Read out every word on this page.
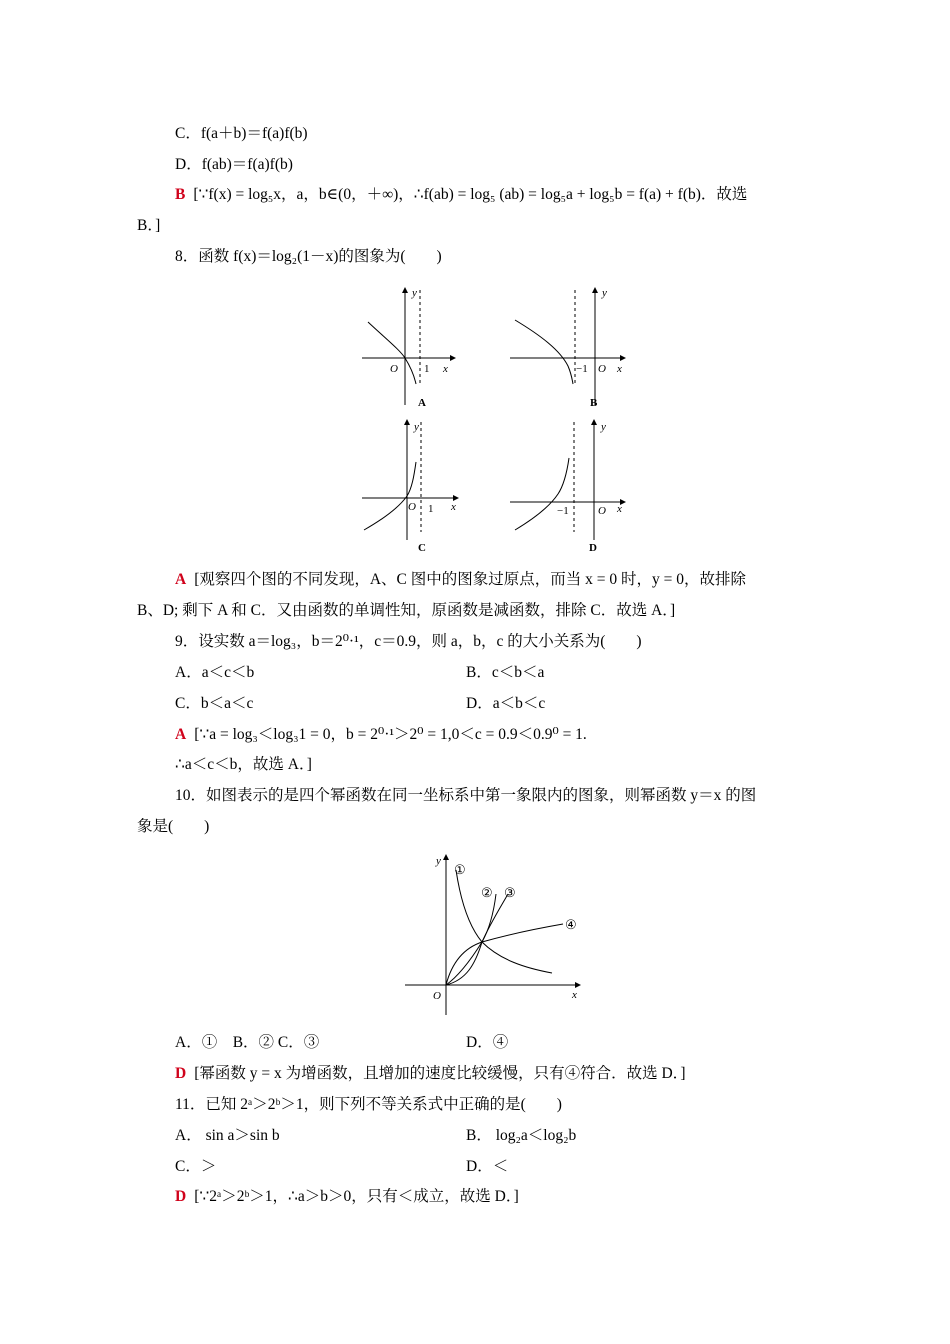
C．f(a＋b)＝f(a)f(b)
D．f(ab)＝f(a)f(b)
B [∵f(x) = log₅x，a，b∈(0，＋∞)，∴f(ab) = log₅ (ab) = log₅a + log₅b = f(a) + f(b)．故选
B．]
8．函数 f(x)＝log₂(1－x)的图象为(　　)
y
x
O 1
A
y
x
O
−1
B
y
x
O 1
C
y
x
O
−1
D
A [观察四个图的不同发现，A、C 图中的图象过原点，而当 x = 0 时，y = 0，故排除
B、D; 剩下 A 和 C．又由函数的单调性知，原函数是减函数，排除 C．故选 A．]
9．设实数 a＝log₃，b＝2⁰·¹，c＝0.9，则 a，b，c 的大小关系为(　　)
A．a＜c＜b	B．c＜b＜a
C．b＜a＜c	D．a＜b＜c
A [∵a = log₃＜log₃1 = 0，b = 2⁰·¹＞2⁰ = 1,0＜c = 0.9＜0.9⁰ = 1.
∴a＜c＜b，故选 A．]
10．如图表示的是四个幂函数在同一坐标系中第一象限内的图象，则幂函数 y＝x 的图
象是(　　)
y
x
O
①
② ③
④
A．①　B．② C．③	D．④
D [幂函数 y = x 为增函数，且增加的速度比较缓慢，只有④符合．故选 D．]
11．已知 2ᵃ＞2ᵇ＞1，则下列不等关系式中正确的是(　　)
A． sin a＞sin b	B． log₂a＜log₂b
C．＞	D．＜
D [∵2ᵃ＞2ᵇ＞1，∴a＞b＞0，只有＜成立，故选 D．]
